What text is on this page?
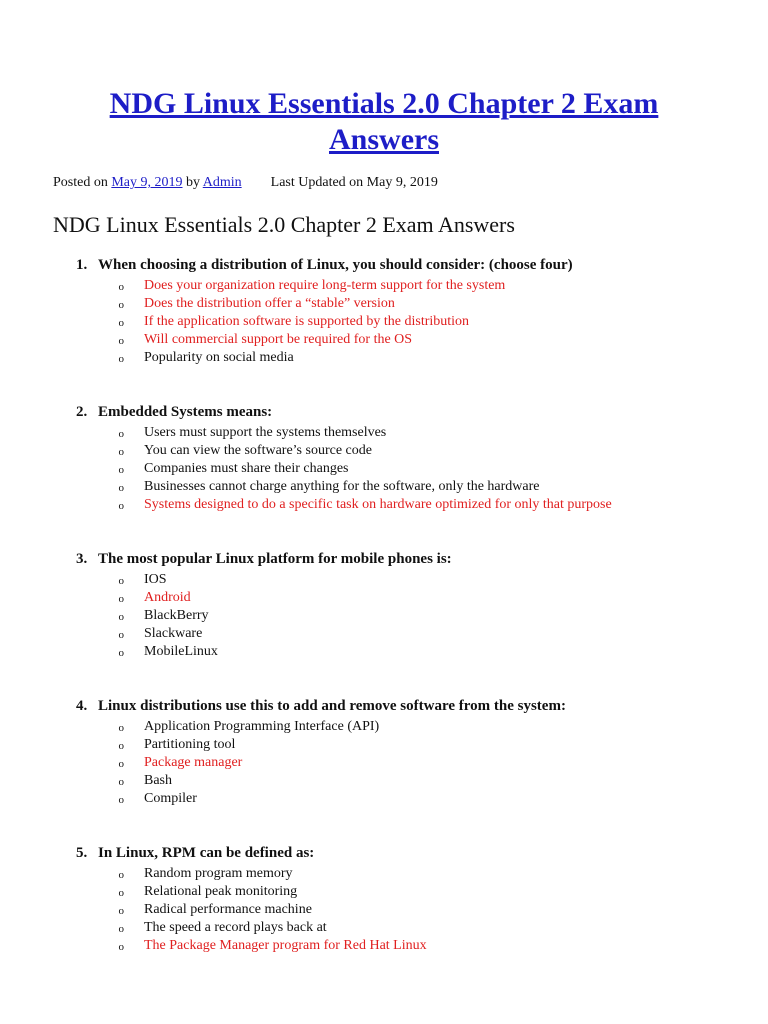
NDG Linux Essentials 2.0 Chapter 2 Exam Answers
Posted on May 9, 2019 by Admin Last Updated on May 9, 2019
NDG Linux Essentials 2.0 Chapter 2 Exam Answers
1. When choosing a distribution of Linux, you should consider: (choose four)
o	Does your organization require long-term support for the system
o	Does the distribution offer a “stable” version
o	If the application software is supported by the distribution
o	Will commercial support be required for the OS
o	Popularity on social media
2. Embedded Systems means:
o	Users must support the systems themselves
o	You can view the software’s source code
o	Companies must share their changes
o	Businesses cannot charge anything for the software, only the hardware
o	Systems designed to do a specific task on hardware optimized for only that purpose
3. The most popular Linux platform for mobile phones is:
o	IOS
o	Android
o	BlackBerry
o	Slackware
o	MobileLinux
4. Linux distributions use this to add and remove software from the system:
o	Application Programming Interface (API)
o	Partitioning tool
o	Package manager
o	Bash
o	Compiler
5. In Linux, RPM can be defined as:
o	Random program memory
o	Relational peak monitoring
o	Radical performance machine
o	The speed a record plays back at
o	The Package Manager program for Red Hat Linux
